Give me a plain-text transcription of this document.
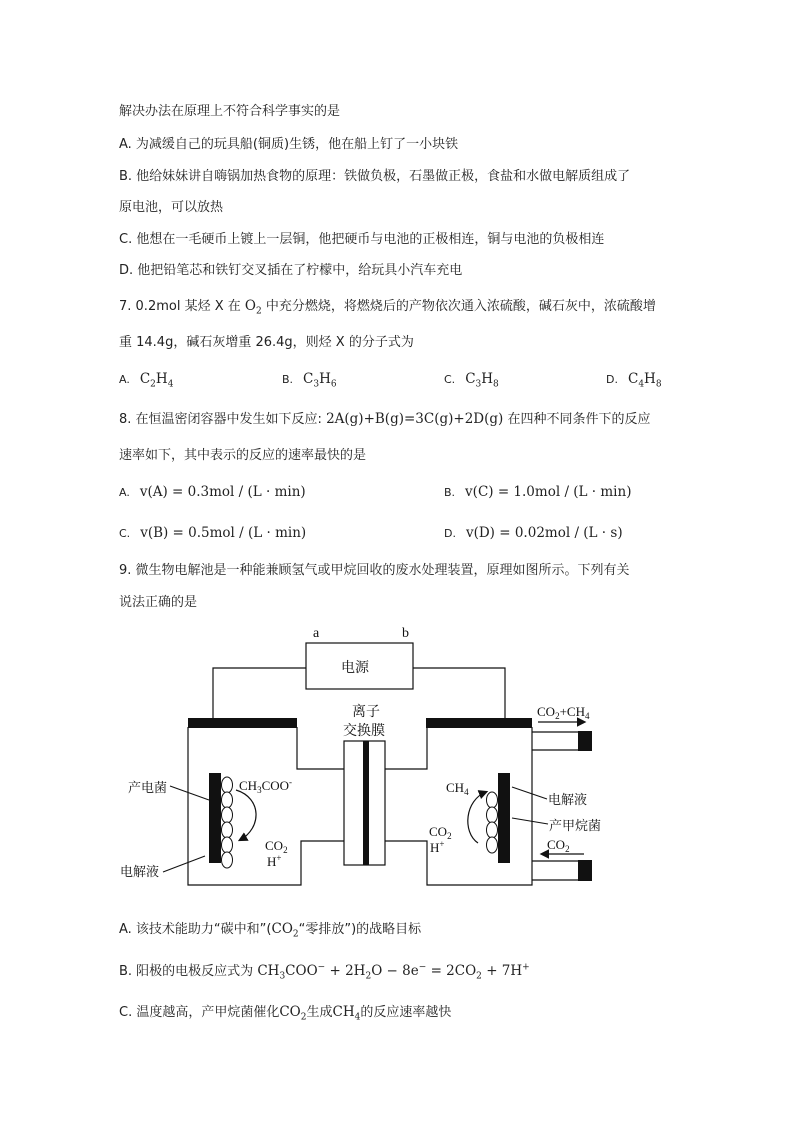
解决办法在原理上不符合科学事实的是
A. 为减缓自己的玩具船(铜质)生锈，他在船上钉了一小块铁
B. 他给妹妹讲自嗨锅加热食物的原理：铁做负极，石墨做正极，食盐和水做电解质组成了
原电池，可以放热
C. 他想在一毛硬币上镀上一层铜，他把硬币与电池的正极相连，铜与电池的负极相连
D. 他把铅笔芯和铁钉交叉插在了柠檬中，给玩具小汽车充电
7. 0.2mol 某烃 X 在 $O_2$ 中充分燃烧，将燃烧后的产物依次通入浓硫酸，碱石灰中，浓硫酸增
重 14.4g，碱石灰增重 26.4g，则烃 X 的分子式为
A. $C_2H_4$	B. $C_3H_6$	C. $C_3H_8$	D. $C_4H_8$
8. 在恒温密闭容器中发生如下反应: 2A(g)+B(g)=3C(g)+2D(g) 在四种不同条件下的反应
速率如下，其中表示的反应的速率最快的是
A. v(A) = 0.3mol / (L · min)	B. v(C) = 1.0mol / (L · min)
C. v(B) = 0.5mol / (L · min)	D. v(D) = 0.02mol / (L · s)
9. 微生物电解池是一种能兼顾氢气或甲烷回收的废水处理装置，原理如图所示。下列有关
说法正确的是
电源
a	b
离子
交换膜
产电菌
电解液
$CH_3COO^-$
$CO_2$
H+
$CH_4$
$CO_2$
H+
电解液
产甲烷菌
$CO_2+CH_4$
$CO_2$
A. 该技术能助力“碳中和$”(CO_2“$零排放”)的战略目标
B. 阳极的电极反应式为 $CH_3COO^- + 2H_2O - 8e^- = 2CO_2 + 7H^+$
C. 温度越高，产甲烷菌催化$CO_2$生成$CH_4$的反应速率越快
